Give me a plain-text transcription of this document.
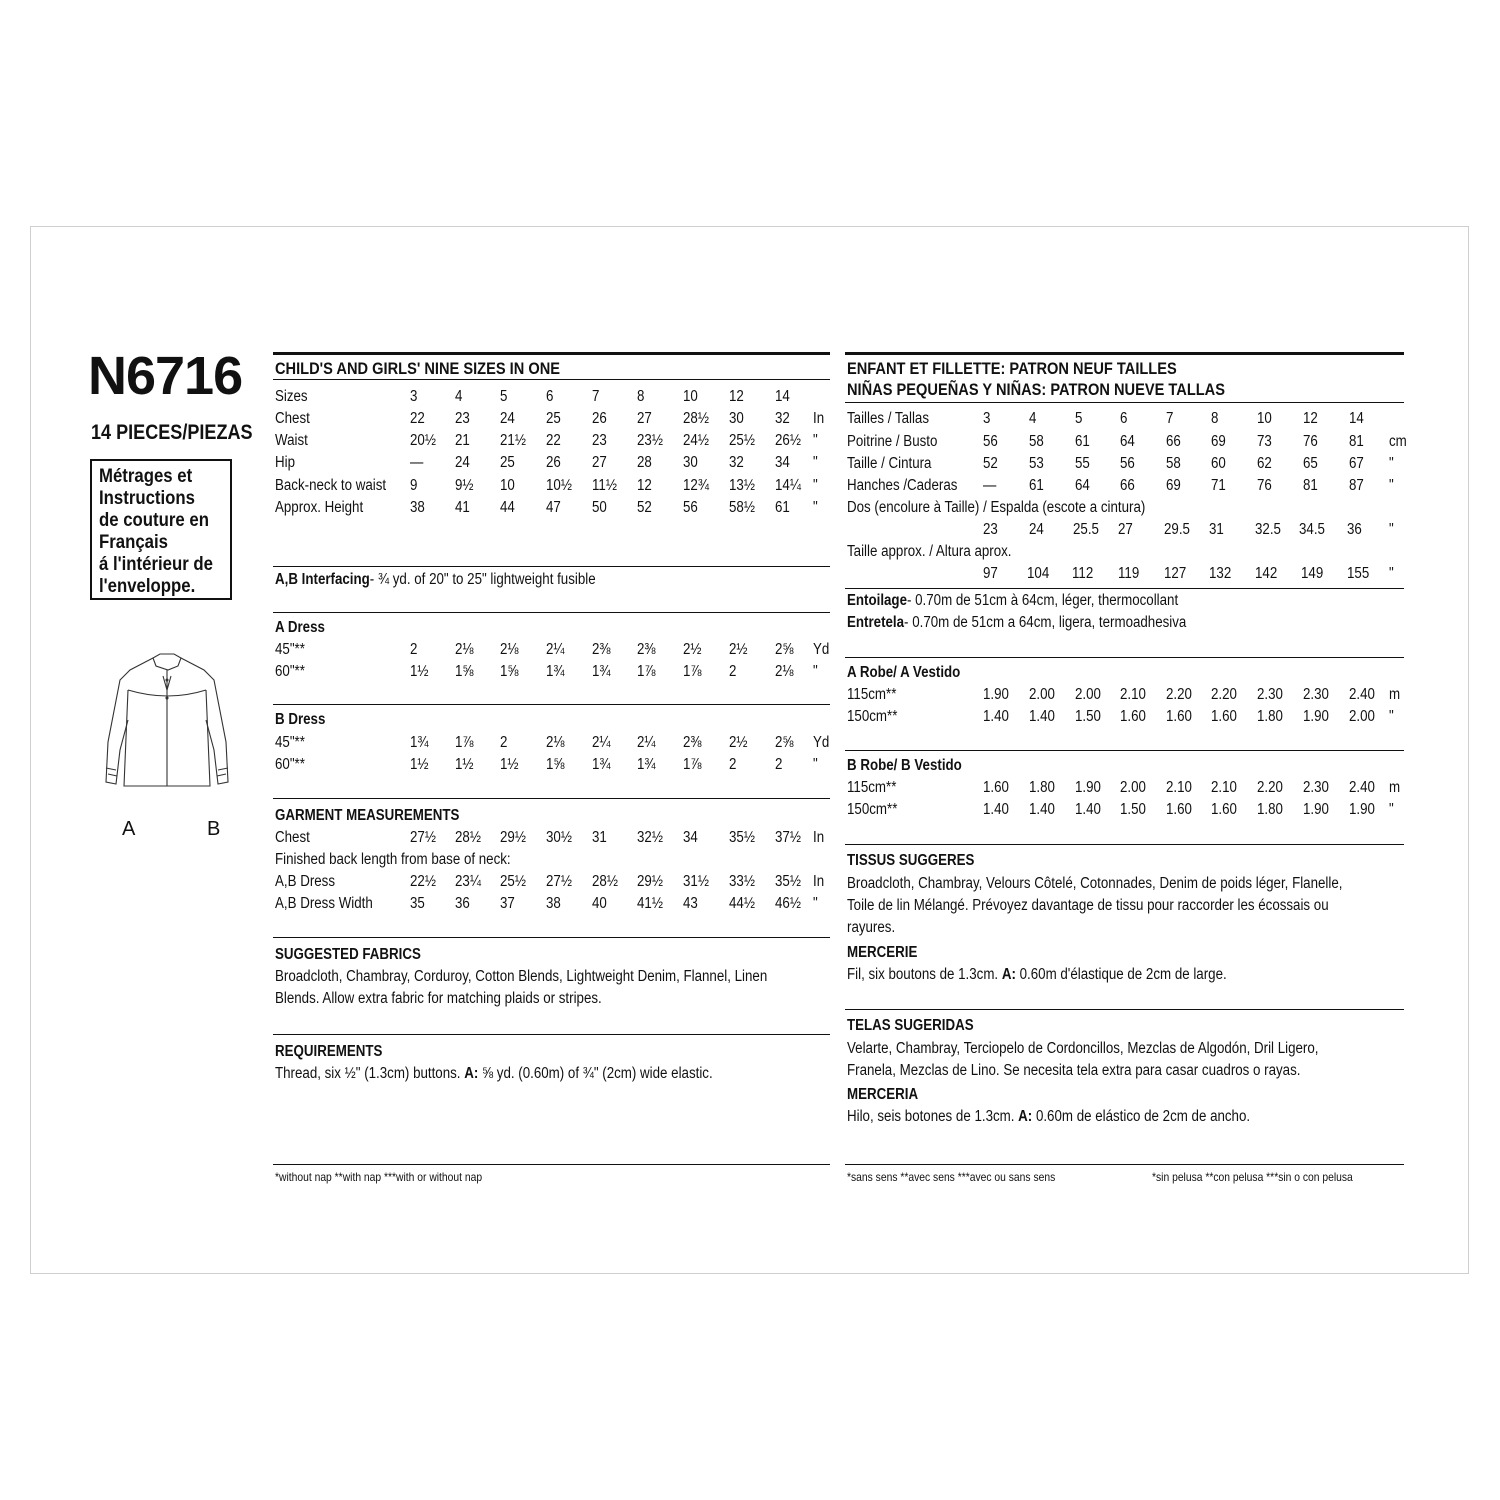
N6716
14 PIECES/PIEZAS
Métrages et
Instructions
de couture en
Français
á l'intérieur de
l'enveloppe.
A	B
CHILD'S AND GIRLS' NINE SIZES IN ONE
Sizes	3 4 5 6 7 8 10 12 14
Chest	22 23 24 25 26 27 28½ 30 32 In
Waist	20½ 21 21½ 22 23 23½ 24½ 25½ 26½ "
Hip	— 24 25 26 27 28 30 32 34 "
Back-neck to waist 9 9½ 10 10½ 11½ 12 12¾ 13½ 14¼ "
Approx. Height	38 41 44 47 50 52 56 58½ 61 "
A,B Interfacing- ¾ yd. of 20" to 25" lightweight fusible
A Dress
45"**	2 2⅛ 2⅛ 2¼ 2⅜ 2⅜ 2½ 2½ 2⅝ Yd
60"**	1½ 1⅝ 1⅝ 1¾ 1¾ 1⅞ 1⅞ 2 2⅛ "
B Dress
45"**	1¾ 1⅞ 2 2⅛ 2¼ 2¼ 2⅜ 2½ 2⅝ Yd
60"**	1½ 1½ 1½ 1⅝ 1¾ 1¾ 1⅞ 2 2 "
GARMENT MEASUREMENTS
Chest	27½ 28½ 29½ 30½ 31 32½ 34 35½ 37½ In
Finished back length from base of neck:
A,B Dress	22½ 23¼ 25½ 27½ 28½ 29½ 31½ 33½ 35½ In
A,B Dress Width 35 36 37 38 40 41½ 43 44½ 46½ "
SUGGESTED FABRICS
Broadcloth, Chambray, Corduroy, Cotton Blends, Lightweight Denim, Flannel, Linen
Blends. Allow extra fabric for matching plaids or stripes.
REQUIREMENTS
Thread, six ½" (1.3cm) buttons. A: ⅝ yd. (0.60m) of ¾" (2cm) wide elastic.
*without nap **with nap ***with or without nap
ENFANT ET FILLETTE: PATRON NEUF TAILLES
NIÑAS PEQUEÑAS Y NIÑAS: PATRON NUEVE TALLAS
Tailles / Tallas	3 4 5 6 7 8 10 12 14
Poitrine / Busto	56 58 61 64 66 69 73 76 81 cm
Taille / Cintura	52 53 55 56 58 60 62 65 67 "
Hanches /Caderas — 61 64 66 69 71 76 81 87 "
Dos (encolure à Taille) / Espalda (escote a cintura)
23 24 25.5 27 29.5 31 32.5 34.5 36 "
Taille approx. / Altura aprox.
97 104 112 119 127 132 142 149 155 "
Entoilage- 0.70m de 51cm à 64cm, léger, thermocollant
Entretela- 0.70m de 51cm a 64cm, ligera, termoadhesiva
A Robe/ A Vestido
115cm**	1.90 2.00 2.00 2.10 2.20 2.20 2.30 2.30 2.40 m
150cm**	1.40 1.40 1.50 1.60 1.60 1.60 1.80 1.90 2.00 "
B Robe/ B Vestido
115cm**	1.60 1.80 1.90 2.00 2.10 2.10 2.20 2.30 2.40 m
150cm**	1.40 1.40 1.40 1.50 1.60 1.60 1.80 1.90 1.90 "
TISSUS SUGGERES
Broadcloth, Chambray, Velours Côtelé, Cotonnades, Denim de poids léger, Flanelle,
Toile de lin Mélangé. Prévoyez davantage de tissu pour raccorder les écossais ou
rayures.
MERCERIE
Fil, six boutons de 1.3cm. A: 0.60m d'élastique de 2cm de large.
TELAS SUGERIDAS
Velarte, Chambray, Terciopelo de Cordoncillos, Mezclas de Algodón, Dril Ligero,
Franela, Mezclas de Lino. Se necesita tela extra para casar cuadros o rayas.
MERCERIA
Hilo, seis botones de 1.3cm. A: 0.60m de elástico de 2cm de ancho.
*sans sens **avec sens ***avec ou sans sens	*sin pelusa **con pelusa ***sin o con pelusa
